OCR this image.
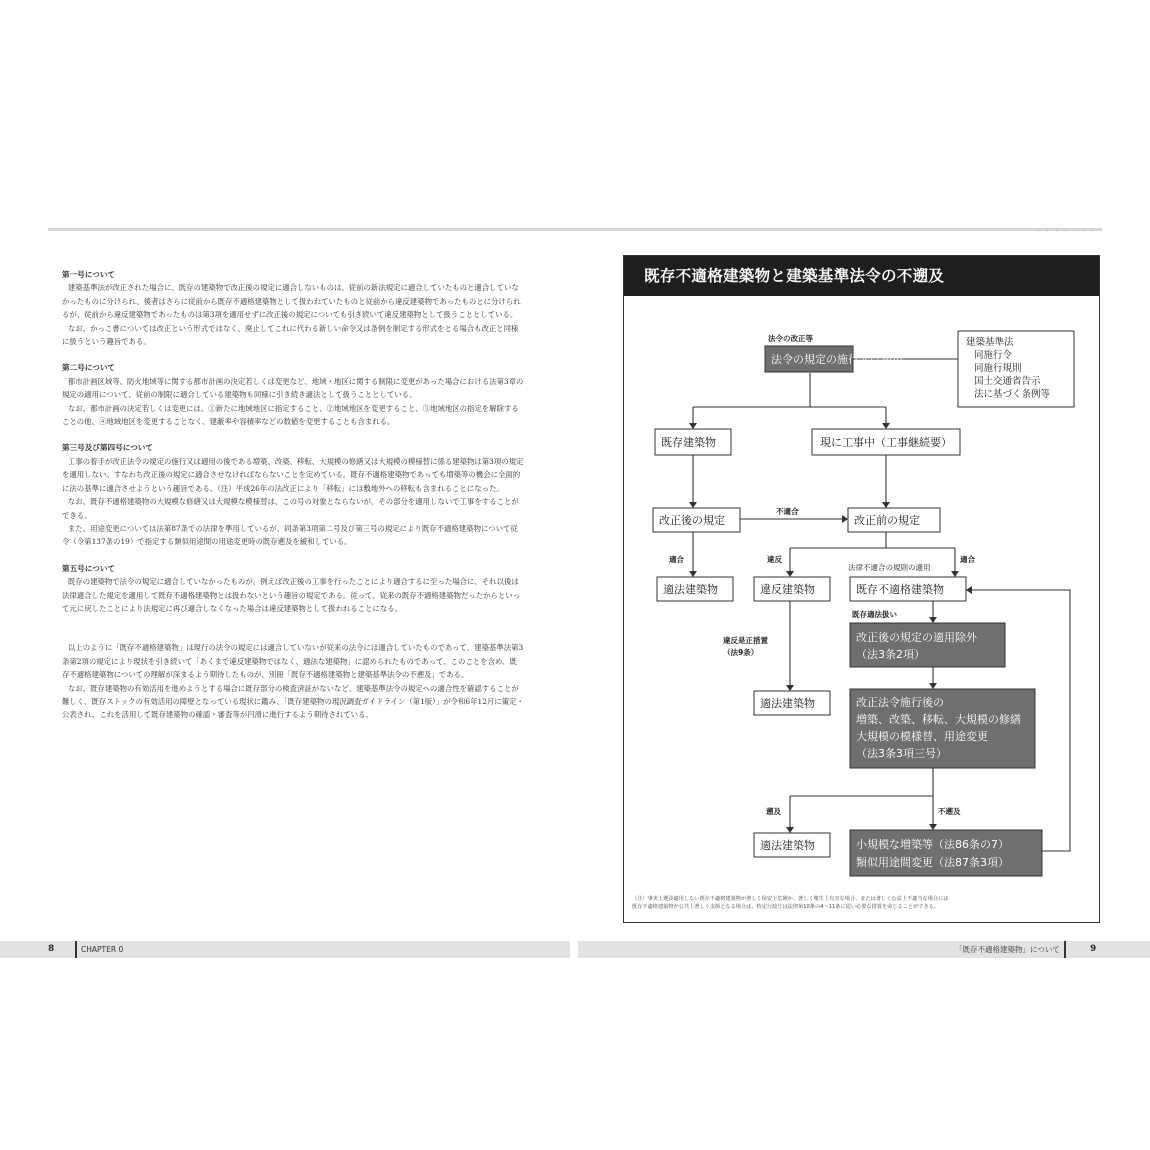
・・・・・・・

第一号について

建築基準法が改正された場合に、既存の建築物で改正後の規定に適合しないものは、従前の新法規定に適合していたものと適合していなかったものに分けられ、後者はさらに従前から既存不適格建築物として扱われていたものと従前から違反建築物であったものとに分けられるが、従前から違反建築物であったものは第3項を適用せずに改正後の規定についても引き続いて違反建築物として扱うこととしている。

なお、かっこ書については改正という形式ではなく、廃止してこれに代わる新しい命令又は条例を制定する形式をとる場合も改正と同様に扱うという趣旨である。

第二号について

都市計画区域等、防火地域等に関する都市計画の決定若しくは変更など、地域・地区に関する制限に変更があった場合における法第3章の規定の適用について、従前の制限に適合している建築物も同様に引き続き適法として扱うこととしている。

なお、都市計画の決定若しくは変更には、①新たに地域地区に指定すること、②地域地区を変更すること、③地域地区の指定を解除することの他、④地域地区を変更することなく、建蔽率や容積率などの数値を変更することも含まれる。

第三号及び第四号について

工事の着手が改正法令の規定の施行又は適用の後である増築、改築、移転、大規模の修繕又は大規模の模様替に係る建築物は第3項の規定を適用しない。すなわち改正後の規定に適合させなければならないことを定めている。既存不適格建築物であっても増築等の機会に全面的に法の基準に適合させようという趣旨である。（注）平成26年の法改正により「移転」には敷地外への移転も含まれることになった。

なお、既存不適格建築物の大規模な修繕又は大規模な模様替は、この号の対象とならないが、その部分を適用しないで工事をすることができる。

また、用途変更については法第87条での法律を準用しているが、同条第3項第二号及び第三号の規定により既存不適格建築物について従令（令第137条の19）で指定する類似用途間の用途変更時の既存遡及を緩和している。

第五号について

既存の建築物で法令の規定に適合していなかったものが、例えば改正後の工事を行ったことにより適合するに至った場合に、それ以後は法律適合した規定を適用して既存不適格建築物とは扱わないという趣旨の規定である。従って、従来の既存不適格建築物だったからといって元に戻したことにより法規定に再び適合しなくなった場合は違反建築物として扱われることになる。

以上のように「既存不適格建築物」は現行の法令の規定には適合していないが従来の法令には適合していたものであって、建築基準法第3条第2項の規定により現状を引き続いて「あくまで違反建築物ではなく、適法な建築物」に認められたものであって、このことを含め、既存不適格建築物についての理解が深まるよう期待したものが、別冊「既存不適格建築物と建築基準法令の不遡及」である。

なお、既存建築物の有効活用を進めようとする場合に既存部分の検査済証がないなど、建築基準法令の規定への適合性を確認することが難しく、既存ストックの有効活用の障壁となっている現状に鑑み、「既存建築物の現況調査ガイドライン（第1版）」が令和6年12月に策定・公表され、これを活用して既存建築物の確認・審査等が円滑に進行するよう期待されている。

既存不適格建築物と建築基準法令の不遡及
法令の改正等
法令の規定の施行又は適用
建築基準法
同施行令
同施行規則
国土交通省告示
法に基づく条例等
既存建築物	現に工事中（工事継続要）
改正後の規定
不適合
改正前の規定
適合	違反	適合
法律不適合の規則の適用
適法建築物	違反建築物	既存不適格建築物
既存適法扱い
改正後の規定の適用除外
（法3条2項）
違反是正措置
（法9条）
適法建築物	改正法令施行後の
増築、改築、移転、大規模の修繕
大規模の模様替、用途変更
（法3条3項三号）
遡及	不遡及
適法建築物	小規模な増築等（法86条の7）
類似用途間変更（法87条3項）
（注）事実上遡及適用しない既存不適格建築物が著しく保安上危険か、著しく衛生上有害な場合、または著しく公益上不適当な場合には
既存不適格建築物が公共上著しく支障となる場合は、特定行政庁は法律第10条の4～11条に従い必要な措置を命じることができる。
8	CHAPTER 0	「既存不適格建築物」について	9
